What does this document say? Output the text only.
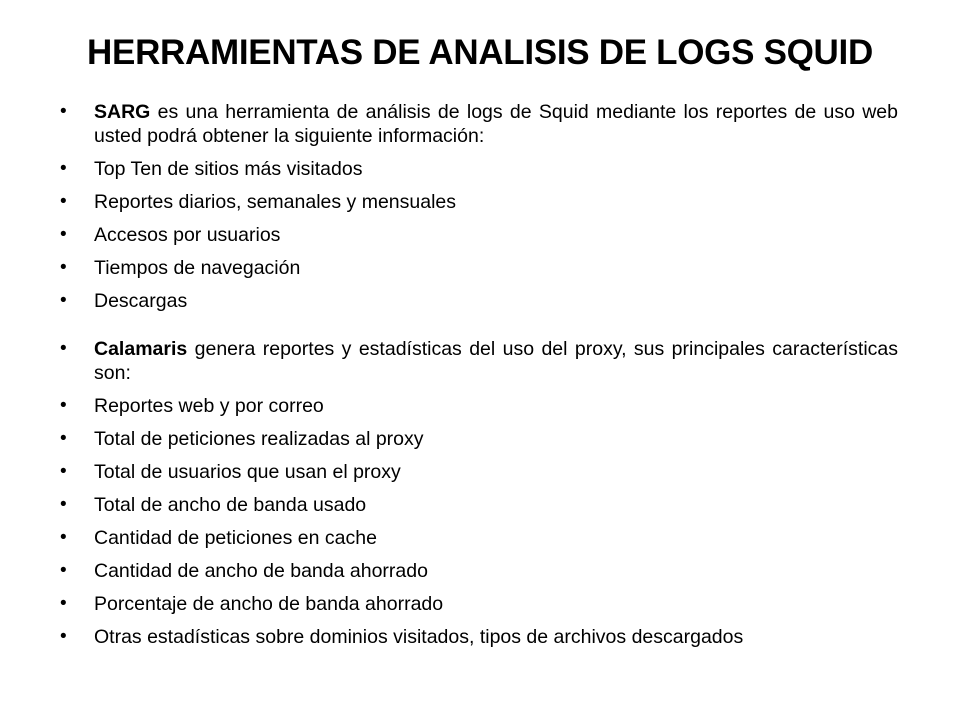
HERRAMIENTAS DE ANALISIS DE LOGS SQUID
• SARG es una herramienta de análisis de logs de Squid mediante los reportes de uso web usted podrá obtener la siguiente información:
• Top Ten de sitios más visitados
• Reportes diarios, semanales y mensuales
• Accesos por usuarios
• Tiempos de navegación
• Descargas
• Calamaris genera reportes y estadísticas del uso del proxy, sus principales características son:
• Reportes web y por correo
• Total de peticiones realizadas al proxy
• Total de usuarios que usan el proxy
• Total de ancho de banda usado
• Cantidad de peticiones en cache
• Cantidad de ancho de banda ahorrado
• Porcentaje de ancho de banda ahorrado
• Otras estadísticas sobre dominios visitados, tipos de archivos descargados
